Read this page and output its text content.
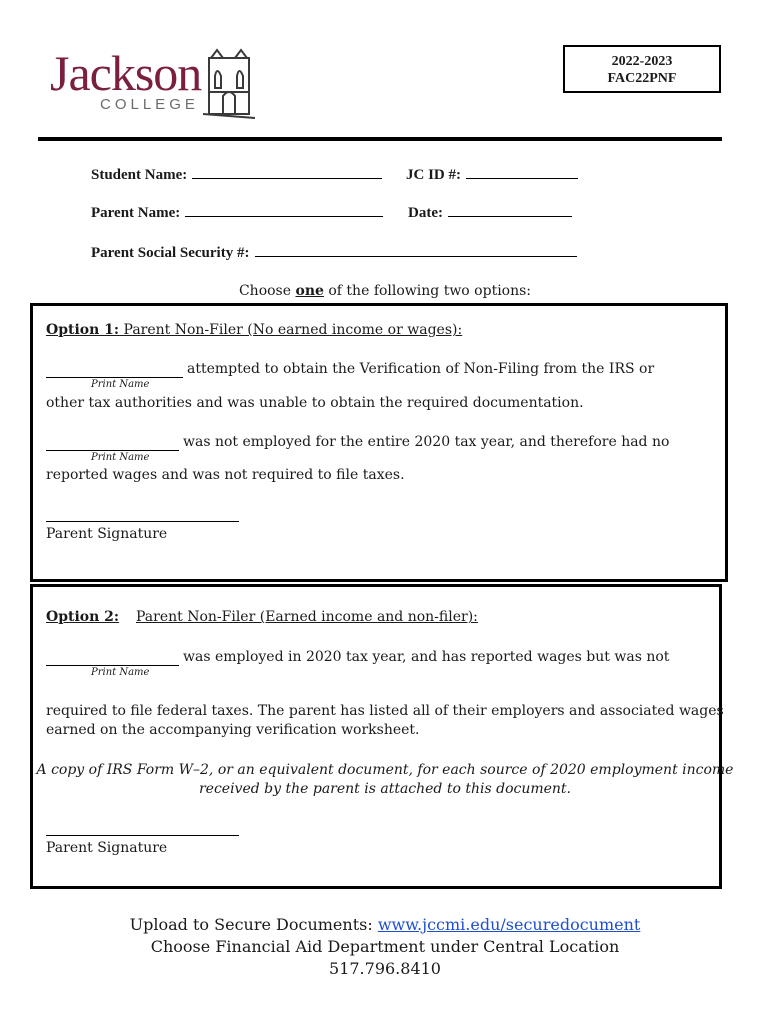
Jackson
COLLEGE
2022-2023
FAC22PNF
Student Name:	JC ID #:
Parent Name:	Date:
Parent Social Security #:
Choose one of the following two options:
Option 1: Parent Non-Filer (No earned income or wages):
attempted to obtain the Verification of Non-Filing from the IRS or
Print Name
other tax authorities and was unable to obtain the required documentation.
was not employed for the entire 2020 tax year, and therefore had no
Print Name
reported wages and was not required to file taxes.
Parent Signature
Option 2: Parent Non-Filer (Earned income and non-filer):
was employed in 2020 tax year, and has reported wages but was not
Print Name
required to file federal taxes. The parent has listed all of their employers and associated wages
earned on the accompanying verification worksheet.
A copy of IRS Form W–2, or an equivalent document, for each source of 2020 employment income
received by the parent is attached to this document.
Parent Signature
Upload to Secure Documents: www.jccmi.edu/securedocument
Choose Financial Aid Department under Central Location
517.796.8410
